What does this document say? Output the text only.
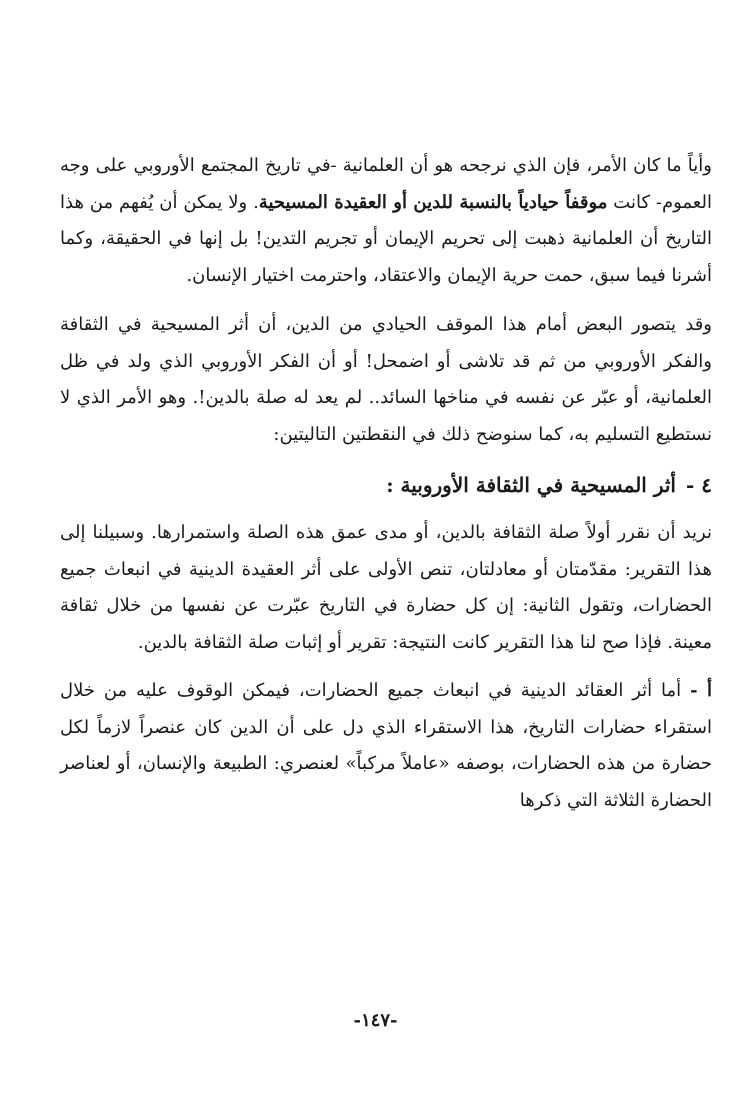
وأياً ما كان الأمر، فإن الذي نرجحه هو أن العلمانية -في تاريخ المجتمع الأوروبي على وجه العموم- كانت موقفاً حيادياً بالنسبة للدين أو العقيدة المسيحية. ولا يمكن أن يُفهم من هذا التاريخ أن العلمانية ذهبت إلى تحريم الإيمان أو تجريم التدين! بل إنها في الحقيقة، وكما أشرنا فيما سبق، حمت حرية الإيمان والاعتقاد، واحترمت اختيار الإنسان.

وقد يتصور البعض أمام هذا الموقف الحيادي من الدين، أن أثر المسيحية في الثقافة والفكر الأوروبي من ثم قد تلاشى أو اضمحل! أو أن الفكر الأوروبي الذي ولد في ظل العلمانية، أو عبّر عن نفسه في مناخها السائد.. لم يعد له صلة بالدين!. وهو الأمر الذي لا نستطيع التسليم به، كما سنوضح ذلك في النقطتين التاليتين:

٤ -أثر المسيحية في الثقافة الأوروبية :

نريد أن نقرر أولاً صلة الثقافة بالدين، أو مدى عمق هذه الصلة واستمرارها. وسبيلنا إلى هذا التقرير: مقدّمتان أو معادلتان، تنص الأولى على أثر العقيدة الدينية في انبعاث جميع الحضارات، وتقول الثانية: إن كل حضارة في التاريخ عبّرت عن نفسها من خلال ثقافة معينة. فإذا صح لنا هذا التقرير كانت النتيجة: تقرير أو إثبات صلة الثقافة بالدين.

أ - أما أثر العقائد الدينية في انبعاث جميع الحضارات، فيمكن الوقوف عليه من خلال استقراء حضارات التاريخ، هذا الاستقراء الذي دل على أن الدين كان عنصراً لازماً لكل حضارة من هذه الحضارات، بوصفه «عاملاً مركباً» لعنصري: الطبيعة والإنسان، أو لعناصر الحضارة الثلاثة التي ذكرها

-١٤٧-
